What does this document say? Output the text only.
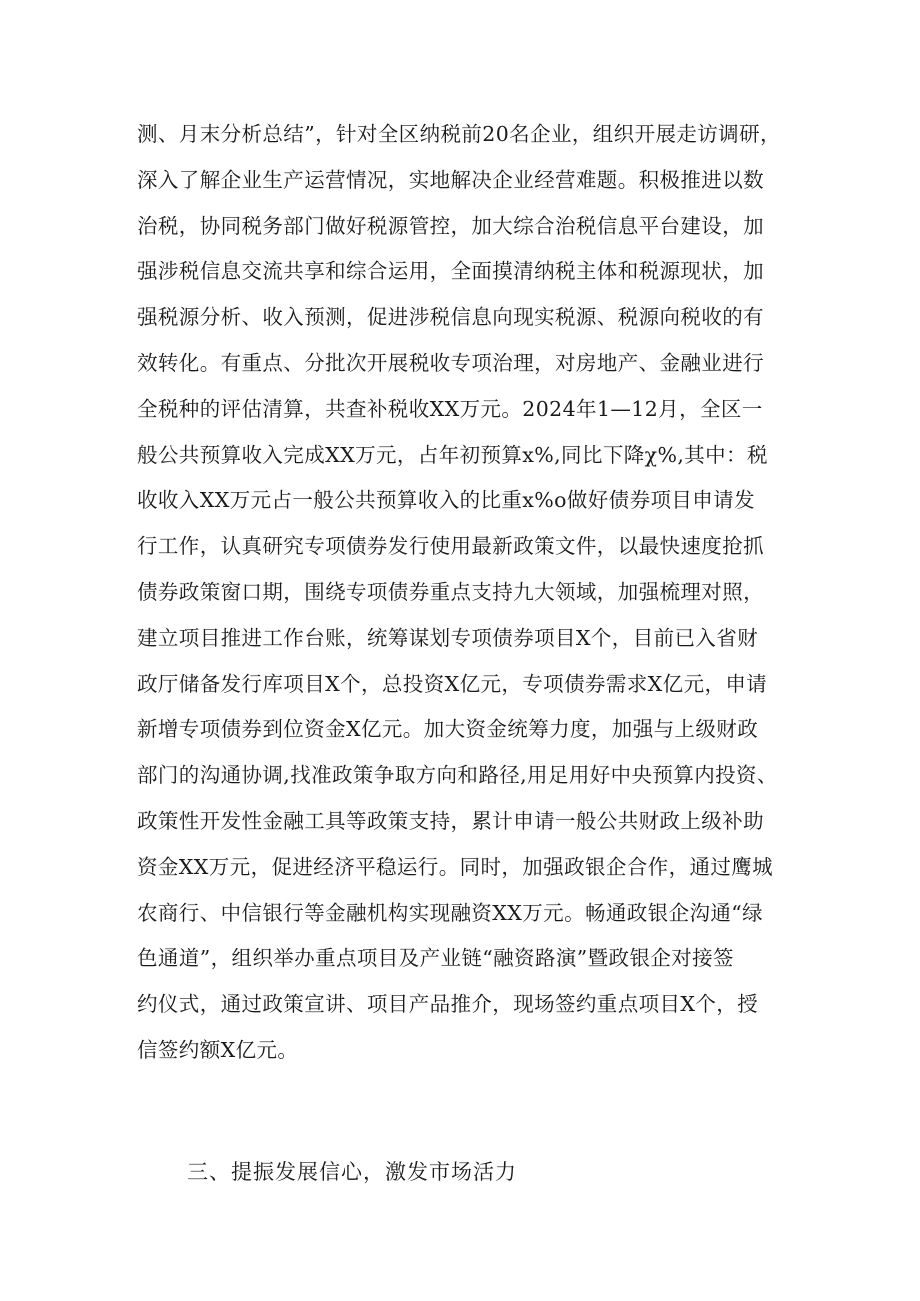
测、月末分析总结”，针对全区纳税前20名企业，组织开展走访调研，
深入了解企业生产运营情况，实地解决企业经营难题。积极推进以数
治税，协同税务部门做好税源管控，加大综合治税信息平台建设，加
强涉税信息交流共享和综合运用，全面摸清纳税主体和税源现状，加
强税源分析、收入预测，促进涉税信息向现实税源、税源向税收的有
效转化。有重点、分批次开展税收专项治理，对房地产、金融业进行
全税种的评估清算，共查补税收XX万元。2024年1—12月，全区一
般公共预算收入完成XX万元，占年初预算x%,同比下降χ%,其中：税
收收入XX万元占一般公共预算收入的比重x%o做好债券项目申请发
行工作，认真研究专项债券发行使用最新政策文件，以最快速度抢抓
债券政策窗口期，围绕专项债券重点支持九大领域，加强梳理对照，
建立项目推进工作台账，统筹谋划专项债券项目X个，目前已入省财
政厅储备发行库项目X个，总投资X亿元，专项债券需求X亿元，申请
新增专项债券到位资金X亿元。加大资金统筹力度，加强与上级财政
部门的沟通协调,找准政策争取方向和路径,用足用好中央预算内投资、
政策性开发性金融工具等政策支持，累计申请一般公共财政上级补助
资金XX万元，促进经济平稳运行。同时，加强政银企合作，通过鹰城
农商行、中信银行等金融机构实现融资XX万元。畅通政银企沟通“绿
色通道”，组织举办重点项目及产业链“融资路演”暨政银企对接签
约仪式，通过政策宣讲、项目产品推介，现场签约重点项目X个，授
信签约额X亿元。
三、提振发展信心，激发市场活力
